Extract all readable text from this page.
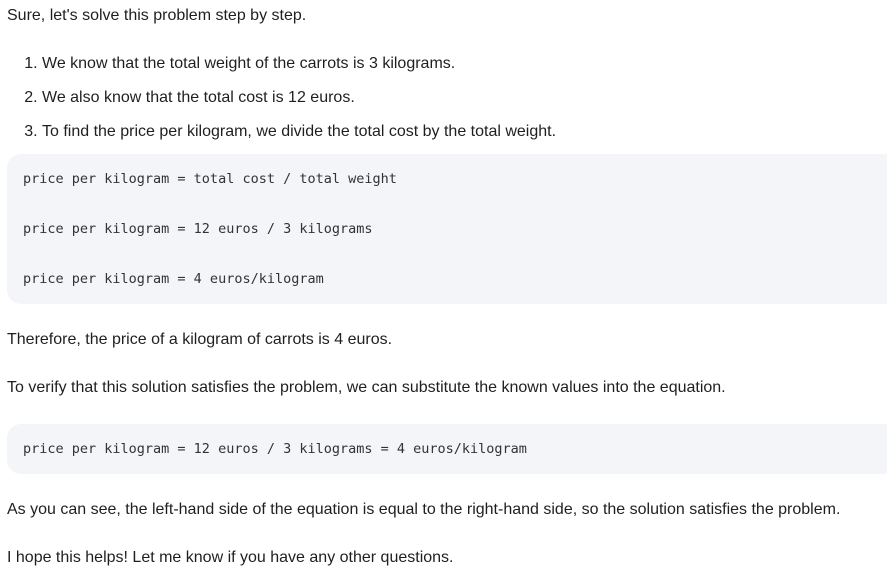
Sure, let's solve this problem step by step.

1. We know that the total weight of the carrots is 3 kilograms.
2. We also know that the total cost is 12 euros.
3. To find the price per kilogram, we divide the total cost by the total weight.
price per kilogram = total cost / total weight
price per kilogram = 12 euros / 3 kilograms
price per kilogram = 4 euros/kilogram

Therefore, the price of a kilogram of carrots is 4 euros.

To verify that this solution satisfies the problem, we can substitute the known values into the equation.

price per kilogram = 12 euros / 3 kilograms = 4 euros/kilogram

As you can see, the left-hand side of the equation is equal to the right-hand side, so the solution satisfies the problem.

I hope this helps! Let me know if you have any other questions.
